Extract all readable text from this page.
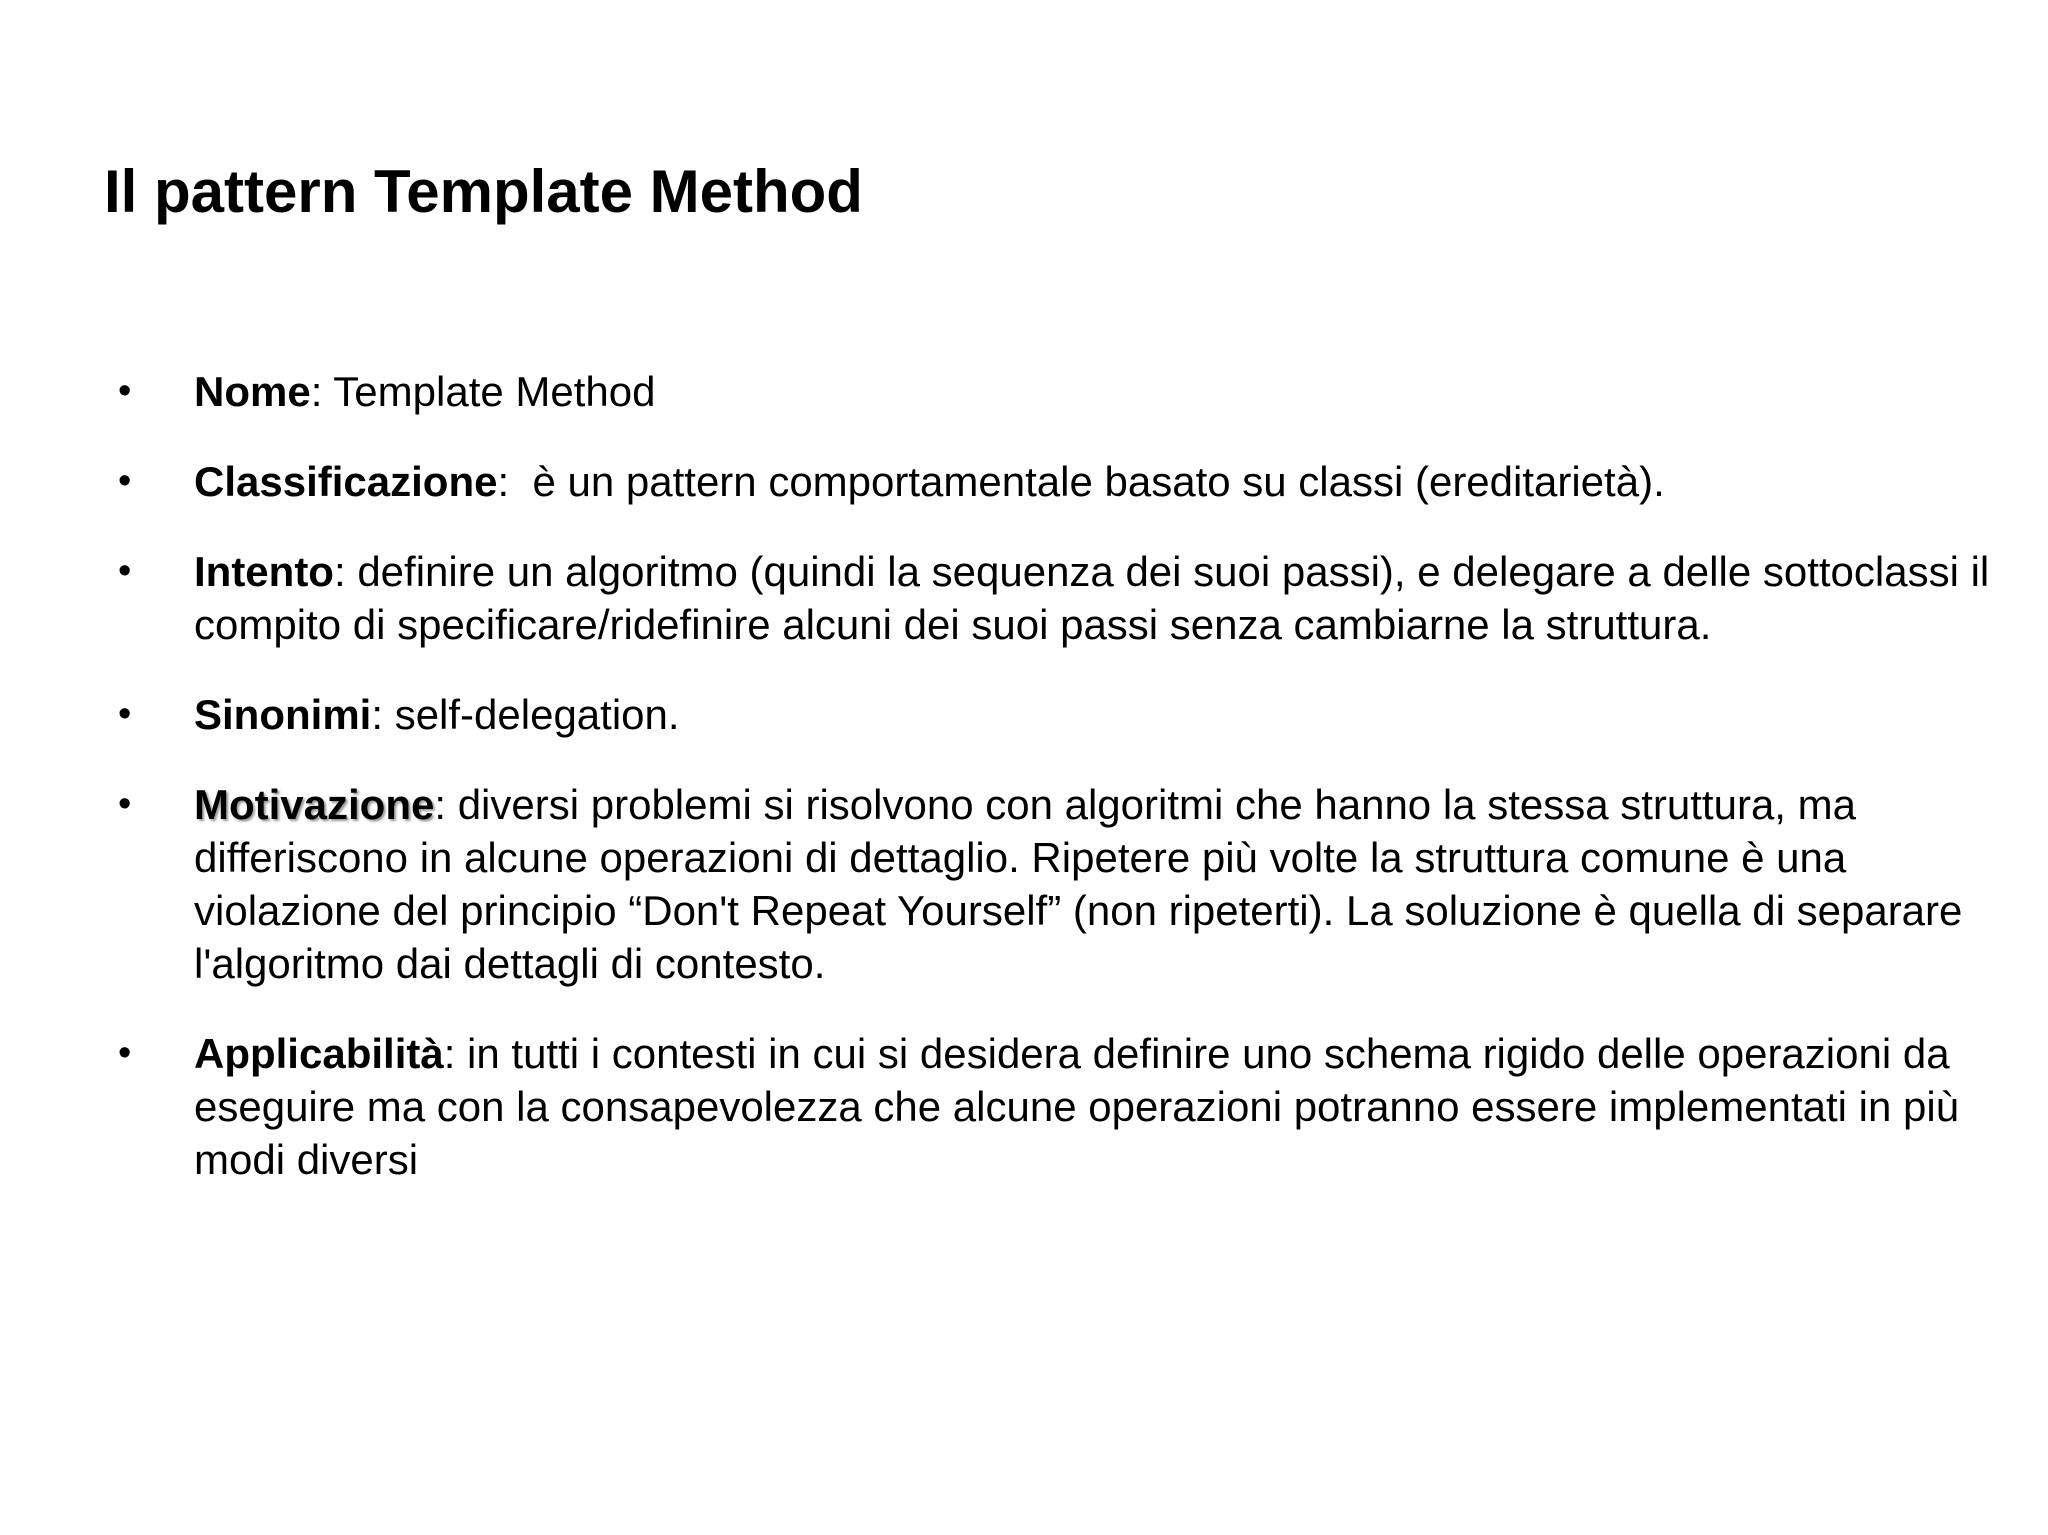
Il pattern Template Method
•	Nome: Template Method
•	Classificazione:  è un pattern comportamentale basato su classi (ereditarietà).
•	Intento: definire un algoritmo (quindi la sequenza dei suoi passi), e delegare a delle sottoclassi il compito di specificare/ridefinire alcuni dei suoi passi senza cambiarne la struttura.
•	Sinonimi: self-delegation.
•	Motivazione: diversi problemi si risolvono con algoritmi che hanno la stessa struttura, ma differiscono in alcune operazioni di dettaglio. Ripetere più volte la struttura comune è una violazione del principio “Don't Repeat Yourself” (non ripeterti). La soluzione è quella di separare l'algoritmo dai dettagli di contesto.
•	Applicabilità: in tutti i contesti in cui si desidera definire uno schema rigido delle operazioni da eseguire ma con la consapevolezza che alcune operazioni potranno essere implementati in più modi diversi
